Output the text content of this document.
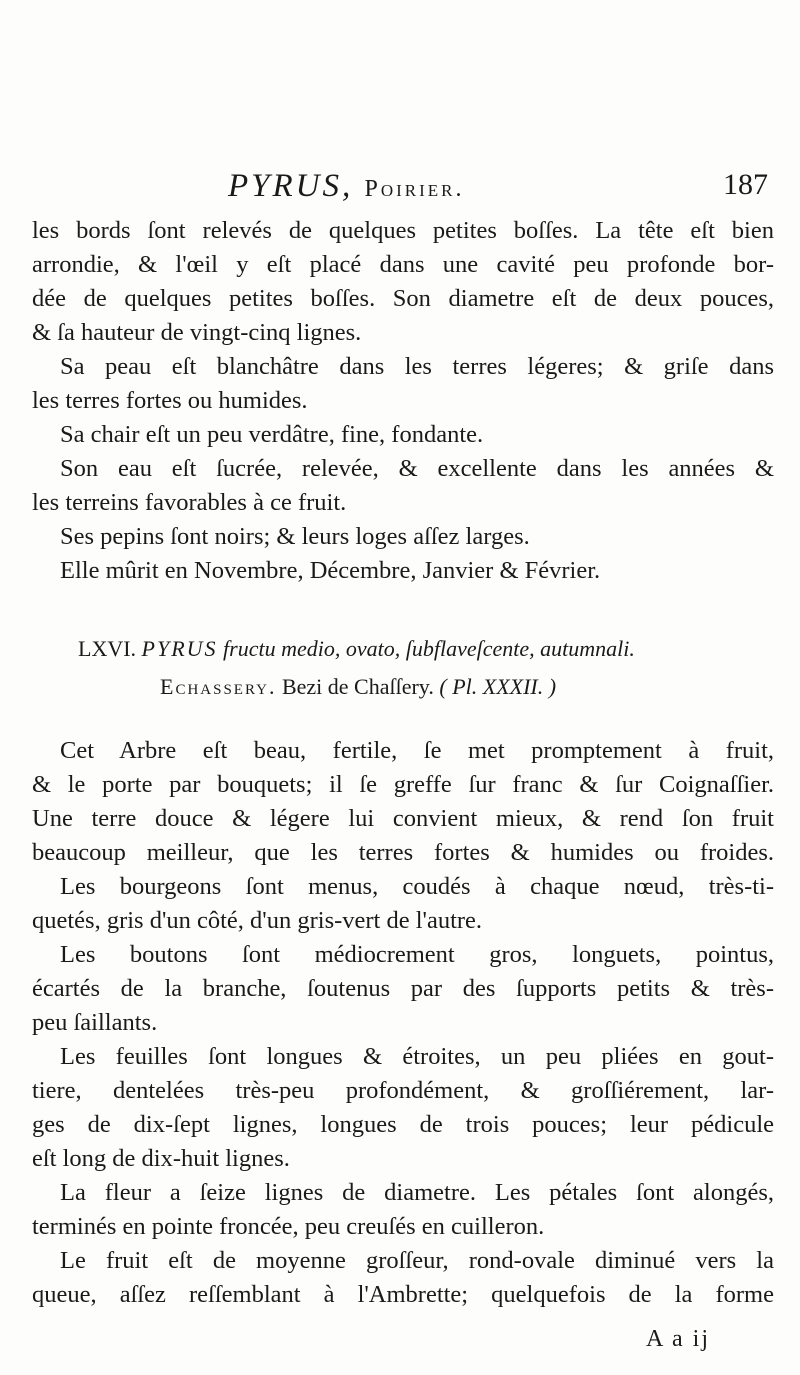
PYRUS, Poirier.	187
les bords ſont relevés de quelques petites boſſes. La tête eſt bien
arrondie, & l'œil y eſt placé dans une cavité peu profonde bor-
dée de quelques petites boſſes. Son diametre eſt de deux pouces,
& ſa hauteur de vingt-cinq lignes.
Sa peau eſt blanchâtre dans les terres légeres; & griſe dans
les terres fortes ou humides.
Sa chair eſt un peu verdâtre, fine, fondante.
Son eau eſt ſucrée, relevée, & excellente dans les années &
les terreins favorables à ce fruit.
Ses pepins ſont noirs; & leurs loges aſſez larges.
Elle mûrit en Novembre, Décembre, Janvier & Février.
LXVI. PYRUS fructu medio, ovato, ſubflaveſcente, autumnali.
Echassery. Bezi de Chaſſery. ( Pl. XXXII. )
Cet Arbre eſt beau, fertile, ſe met promptement à fruit,
& le porte par bouquets; il ſe greffe ſur franc & ſur Coignaſſier.
Une terre douce & légere lui convient mieux, & rend ſon fruit
beaucoup meilleur, que les terres fortes & humides ou froides.
Les bourgeons ſont menus, coudés à chaque nœud, très-ti-
quetés, gris d'un côté, d'un gris-vert de l'autre.
Les boutons ſont médiocrement gros, longuets, pointus,
écartés de la branche, ſoutenus par des ſupports petits & très-
peu ſaillants.
Les feuilles ſont longues & étroites, un peu pliées en gout-
tiere, dentelées très-peu profondément, & groſſiérement, lar-
ges de dix-ſept lignes, longues de trois pouces; leur pédicule
eſt long de dix-huit lignes.
La fleur a ſeize lignes de diametre. Les pétales ſont alongés,
terminés en pointe froncée, peu creuſés en cuilleron.
Le fruit eſt de moyenne groſſeur, rond-ovale diminué vers la
queue, aſſez reſſemblant à l'Ambrette; quelquefois de la forme
A a ij
